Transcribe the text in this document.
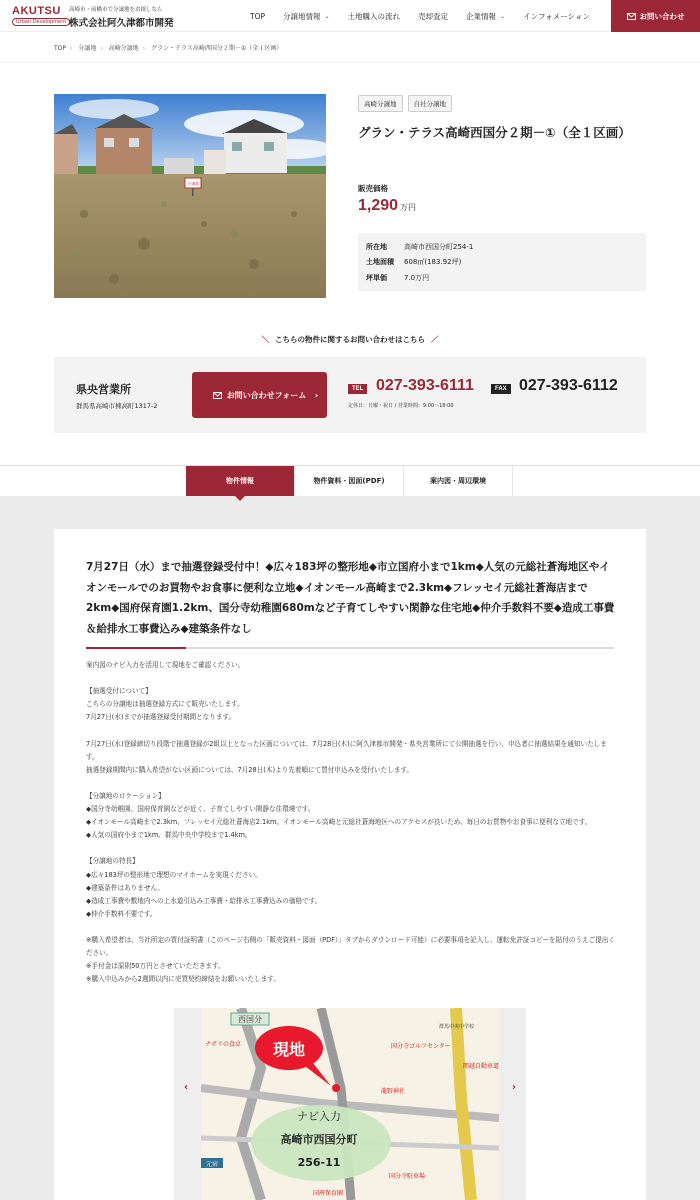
AKUTSU
Urban Development
高崎市・前橋市で分譲地をお探しなら
株式会社阿久津都市開発
TOP 分譲地情報 ⌄ 土地購入の流れ 売却査定 企業情報 ⌄ インフォメーション	お問い合わせ
TOP › 分譲地 › 高崎分譲地 › グラン・テラス高崎西国分２期－①（全１区画）
分譲地
高崎分譲地	自社分譲地
グラン・テラス高崎西国分２期－①（全１区画）
販売価格
1,290 万円
所在地	高崎市西国分町254-1
土地面積	608㎡(183.92坪)
坪単価	7.0万円
＼ こちらの物件に関するお問い合わせはこちら ／
県央営業所
群馬県高崎市棟高町1317-2
お問い合わせフォーム ›
TEL 027-393-6111	FAX 027-393-6112
定休日：日曜・祝日 / 営業時間：9:00〜18:00
物件情報	物件資料・図面(PDF)	案内図・周辺環境
7月27日（水）まで抽選登録受付中！◆広々183坪の整形地◆市立国府小まで1km◆人気の元総社蒼海地区やイオンモールでのお買物やお食事に便利な立地◆イオンモール高崎まで2.3km◆フレッセイ元総社蒼海店まで2km◆国府保育園1.2km、国分寺幼稚園680mなど子育てしやすい閑静な住宅地◆仲介手数料不要◆造成工事費＆給排水工事費込み◆建築条件なし

案内図のナビ入力を活用して現地をご確認ください。

【抽選受付について】

こちらの分譲地は抽選登録方式にて販売いたします。

7月27日(水)までが抽選登録受付期間となります。

7月27日(水)登録締切り段階で抽選登録が2組以上となった区画については、7月28日(木)に阿久津都市開発・県央営業所にて公開抽選を行い、申込者に抽選結果を通知いたします。

抽選登録期間内に購入希望がない区画については、7月28日(木)より先着順にて買付申込みを受付いたします。

【分譲地のロケーション】

◆国分寺幼稚園、国府保育園などが近く、子育てしやすい閑静な住環境です。

◆イオンモール高崎まで2.3km、フレッセイ元総社蒼海店2.1km。イオンモール高崎と元総社蒼海地区へのアクセスが良いため、毎日のお買物やお食事に便利な立地です。

◆人気の国府小まで1km、群馬中央中学校まで1.4km。

【分譲地の特長】

◆広々183坪の整形地で理想のマイホームを実現ください。

◆建築条件はありません。

◆造成工事費や敷地内への上水道引込み工事費・給排水工事費込みの価格です。

◆仲介手数料不要です。

※購入希望者は、当社所定の買付証明書（このページ右側の「販売資料・図面（PDF）」タブからダウンロード可能）に必要事項を記入し、運転免許証コピーを貼付のうえご提出ください。

※手付金は原則50万円とさせていただきます。

※購入申込みから2週間以内に売買契約締結をお願いいたします。

‹	›
西国分
ナポリの食卓	国分寺ゴルフセンター
関越自動車道
群馬中央中学校
龍野神社
国分寺駐車場
国府保育園
元宿
現地
ナビ入力
高崎市西国分町
256-11
